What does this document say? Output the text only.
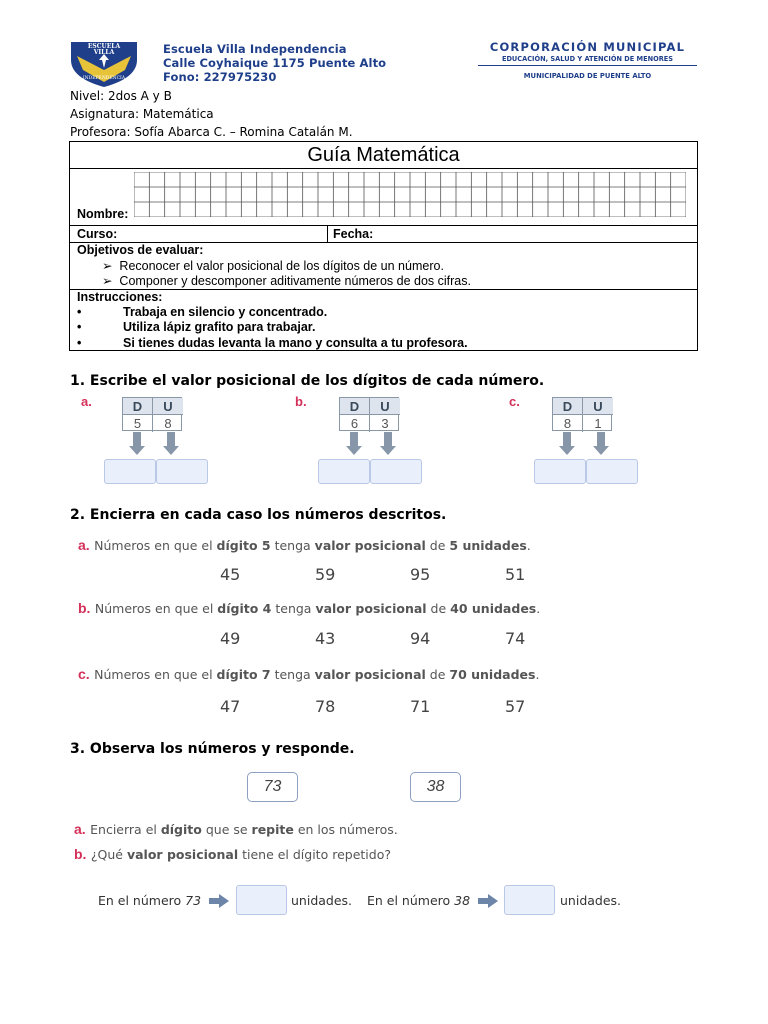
ESCUELA
VILLA
INDEPENDENCIA
Escuela Villa Independencia
Calle Coyhaique 1175 Puente Alto
Fono: 227975230
CORPORACIÓN MUNICIPAL
EDUCACIÓN, SALUD Y ATENCIÓN DE MENORES
MUNICIPALIDAD DE PUENTE ALTO
Nivel: 2dos A y B
Asignatura: Matemática
Profesora: Sofía Abarca C. – Romina Catalán M.
Guía Matemática
Nombre:
Curso:	Fecha:
Objetivos de evaluar:
➢  Reconocer el valor posicional de los dígitos de un número.
➢  Componer y descomponer aditivamente números de dos cifras.
Instrucciones:
•	Trabaja en silencio y concentrado.
•	Utiliza lápiz grafito para trabajar.
•	Si tienes dudas levanta la mano y consulta a tu profesora.
1. Escribe el valor posicional de los dígitos de cada número.
a.	D	U
5	8
b.	D	U
6	3
c.	D	U
8	1
2. Encierra en cada caso los números descritos.
a. Números en que el dígito 5 tenga valor posicional de 5 unidades.
45	59	95	51
b. Números en que el dígito 4 tenga valor posicional de 40 unidades.
49	43	94	74
c. Números en que el dígito 7 tenga valor posicional de 70 unidades.
47	78	71	57
3. Observa los números y responde.
73	38
a. Encierra el dígito que se repite en los números.
b. ¿Qué valor posicional tiene el dígito repetido?
En el número 73	unidades. En el número 38	unidades.
